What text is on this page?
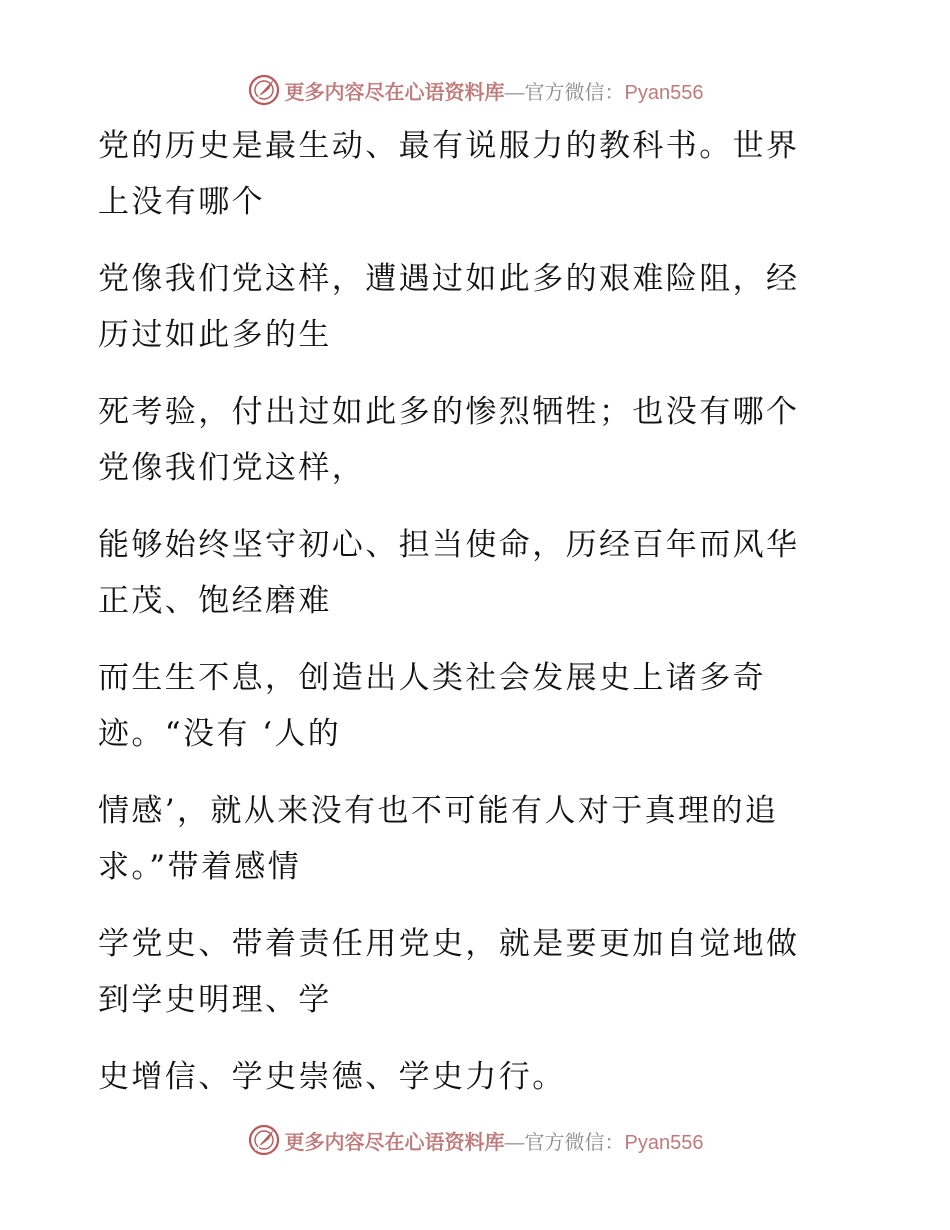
更多内容尽在心语资料库—官方微信：Pyan556
党的历史是最生动、最有说服力的教科书。世界
上没有哪个
党像我们党这样，遭遇过如此多的艰难险阻，经
历过如此多的生
死考验，付出过如此多的惨烈牺牲；也没有哪个
党像我们党这样，
能够始终坚守初心、担当使命，历经百年而风华
正茂、饱经磨难
而生生不息，创造出人类社会发展史上诸多奇
迹。“没有 ‘人的
情感’，就从来没有也不可能有人对于真理的追
求。”带着感情
学党史、带着责任用党史，就是要更加自觉地做
到学史明理、学
史增信、学史崇德、学史力行。
更多内容尽在心语资料库—官方微信：Pyan556
